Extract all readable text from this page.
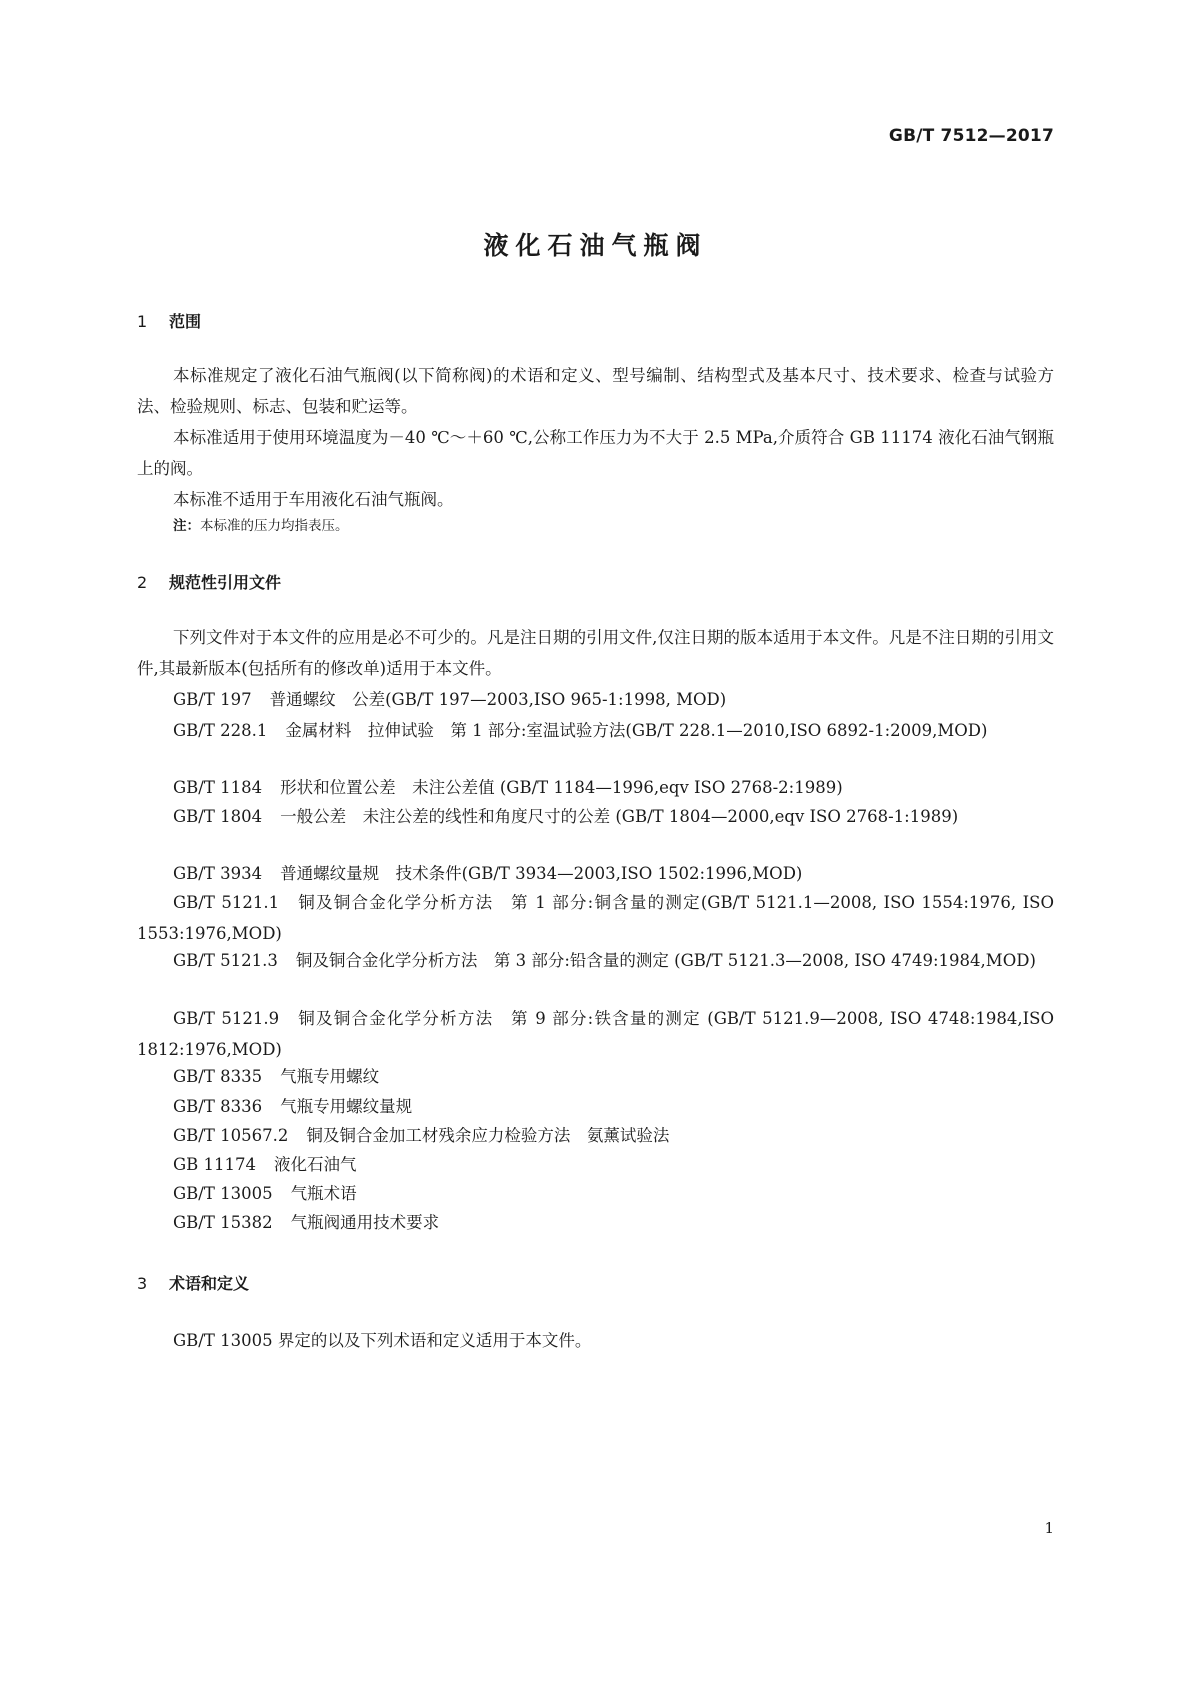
GB/T 7512—2017
液化石油气瓶阀
1 范围
本标准规定了液化石油气瓶阀(以下简称阀)的术语和定义、型号编制、结构型式及基本尺寸、技术要求、检查与试验方法、检验规则、标志、包装和贮运等。
本标准适用于使用环境温度为－40 ℃～＋60 ℃,公称工作压力为不大于 2.5 MPa,介质符合 GB 11174 液化石油气钢瓶上的阀。
本标准不适用于车用液化石油气瓶阀。
注：本标准的压力均指表压。
2 规范性引用文件
下列文件对于本文件的应用是必不可少的。凡是注日期的引用文件,仅注日期的版本适用于本文件。凡是不注日期的引用文件,其最新版本(包括所有的修改单)适用于本文件。
GB/T 197 普通螺纹　公差(GB/T 197—2003,ISO 965-1:1998, MOD)
GB/T 228.1 金属材料　拉伸试验　第 1 部分:室温试验方法(GB/T 228.1—2010,ISO 6892-1:2009,MOD)
GB/T 1184 形状和位置公差　未注公差值 (GB/T 1184—1996,eqv ISO 2768-2:1989)
GB/T 1804 一般公差　未注公差的线性和角度尺寸的公差 (GB/T 1804—2000,eqv ISO 2768-1:1989)
GB/T 3934 普通螺纹量规　技术条件(GB/T 3934—2003,ISO 1502:1996,MOD)
GB/T 5121.1 铜及铜合金化学分析方法　第 1 部分:铜含量的测定(GB/T 5121.1—2008, ISO 1554:1976, ISO 1553:1976,MOD)
GB/T 5121.3 铜及铜合金化学分析方法　第 3 部分:铅含量的测定 (GB/T 5121.3—2008, ISO 4749:1984,MOD)
GB/T 5121.9 铜及铜合金化学分析方法　第 9 部分:铁含量的测定 (GB/T 5121.9—2008, ISO 4748:1984,ISO 1812:1976,MOD)
GB/T 8335 气瓶专用螺纹
GB/T 8336 气瓶专用螺纹量规
GB/T 10567.2 铜及铜合金加工材残余应力检验方法　氨薰试验法
GB 11174 液化石油气
GB/T 13005 气瓶术语
GB/T 15382 气瓶阀通用技术要求
3 术语和定义
GB/T 13005 界定的以及下列术语和定义适用于本文件。
1
